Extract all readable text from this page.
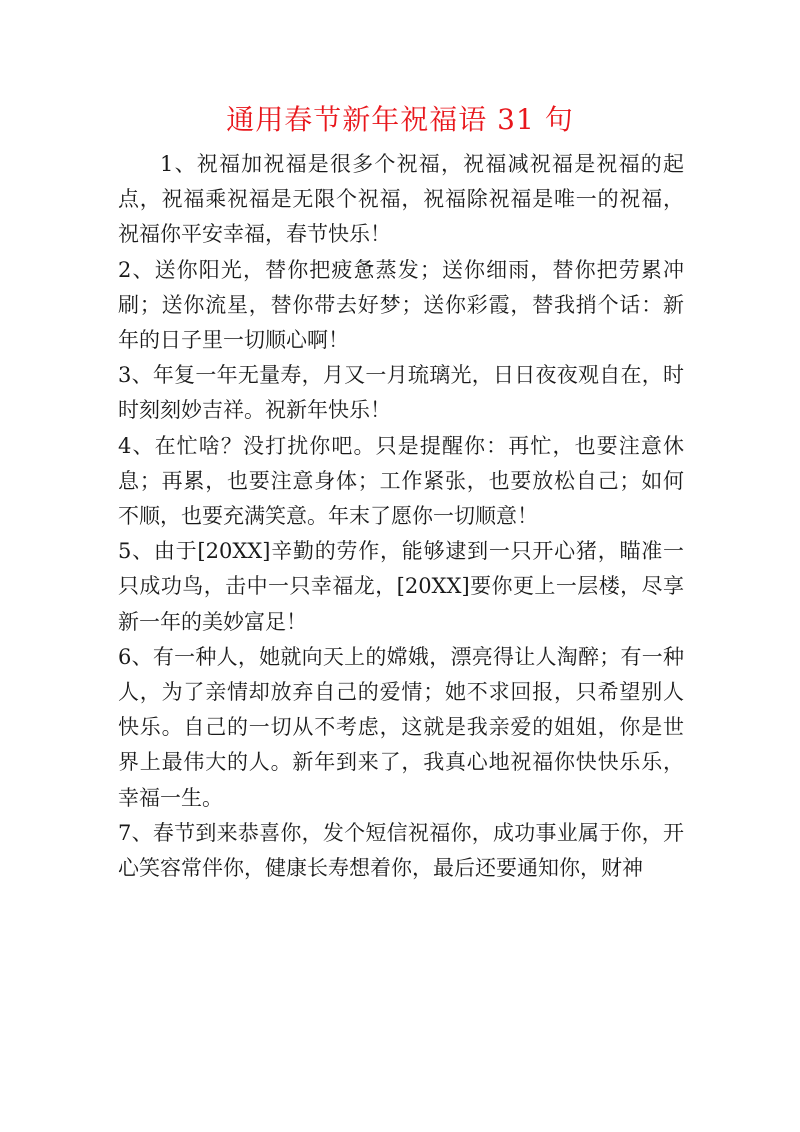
通用春节新年祝福语 31 句

1、祝福加祝福是很多个祝福，祝福减祝福是祝福的起点，祝福乘祝福是无限个祝福，祝福除祝福是唯一的祝福，祝福你平安幸福，春节快乐！

2、送你阳光，替你把疲惫蒸发；送你细雨，替你把劳累冲刷；送你流星，替你带去好梦；送你彩霞，替我捎个话：新年的日子里一切顺心啊！

3、年复一年无量寿，月又一月琉璃光，日日夜夜观自在，时时刻刻妙吉祥。祝新年快乐！

4、在忙啥？没打扰你吧。只是提醒你：再忙，也要注意休息；再累，也要注意身体；工作紧张，也要放松自己；如何不顺，也要充满笑意。年末了愿你一切顺意！

5、由于[20XX]辛勤的劳作，能够逮到一只开心猪，瞄准一只成功鸟，击中一只幸福龙，[20XX]要你更上一层楼，尽享新一年的美妙富足！

6、有一种人，她就向天上的嫦娥，漂亮得让人淘醉；有一种人，为了亲情却放弃自己的爱情；她不求回报，只希望别人快乐。自己的一切从不考虑，这就是我亲爱的姐姐，你是世界上最伟大的人。新年到来了，我真心地祝福你快快乐乐，幸福一生。

7、春节到来恭喜你，发个短信祝福你，成功事业属于你，开心笑容常伴你，健康长寿想着你，最后还要通知你，财神
